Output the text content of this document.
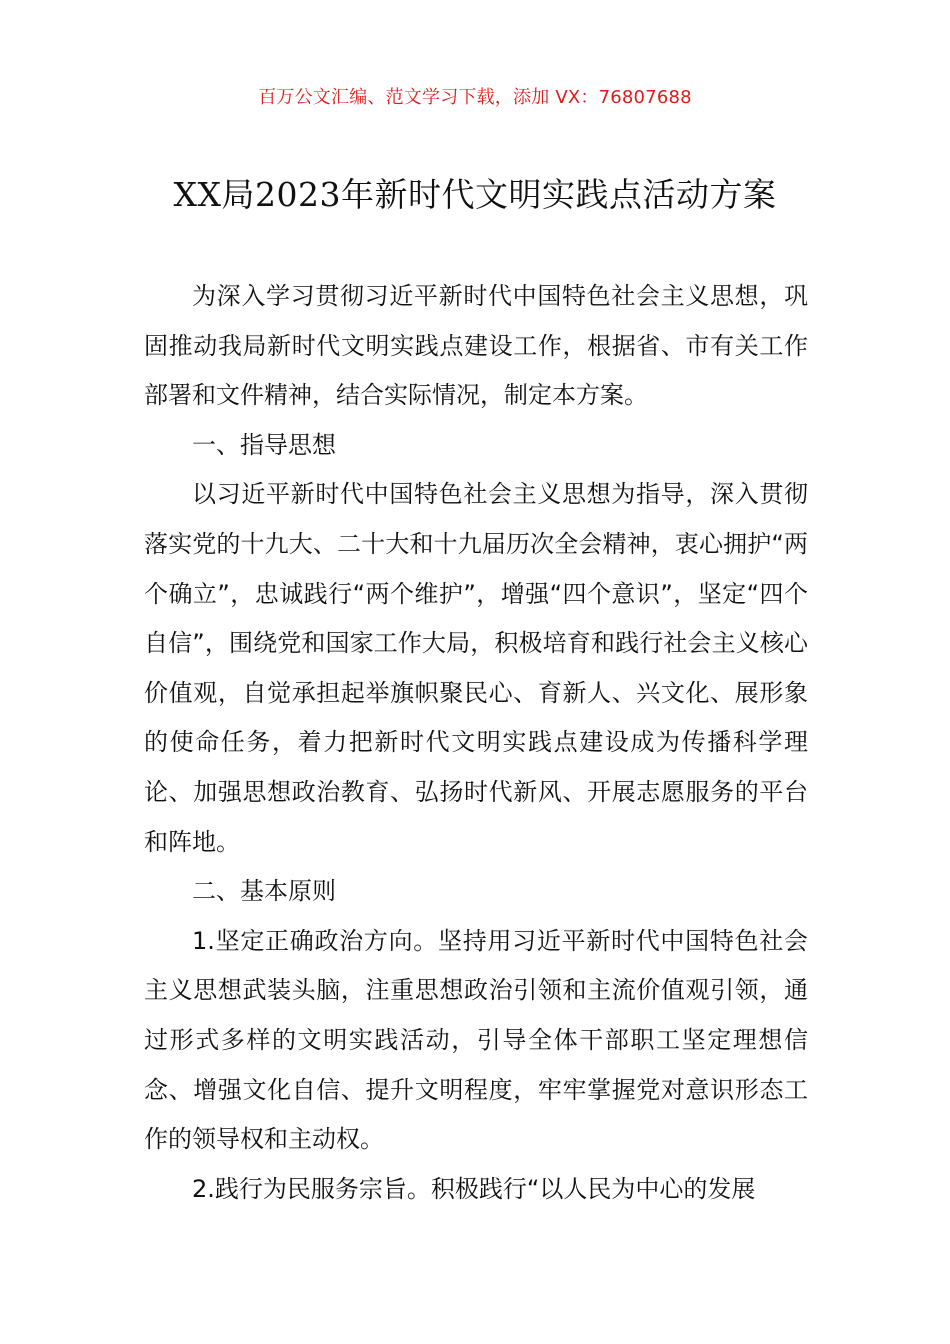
百万公文汇编、范文学习下载，添加 VX：76807688
XX局2023年新时代文明实践点活动方案

为深入学习贯彻习近平新时代中国特色社会主义思想，巩固推动我局新时代文明实践点建设工作，根据省、市有关工作部署和文件精神，结合实际情况，制定本方案。

一、指导思想

以习近平新时代中国特色社会主义思想为指导，深入贯彻落实党的十九大、二十大和十九届历次全会精神，衷心拥护“两个确立”，忠诚践行“两个维护”，增强“四个意识”，坚定“四个自信”，围绕党和国家工作大局，积极培育和践行社会主义核心价值观，自觉承担起举旗帜聚民心、育新人、兴文化、展形象的使命任务，着力把新时代文明实践点建设成为传播科学理论、加强思想政治教育、弘扬时代新风、开展志愿服务的平台和阵地。

二、基本原则

1.坚定正确政治方向。坚持用习近平新时代中国特色社会主义思想武装头脑，注重思想政治引领和主流价值观引领，通过形式多样的文明实践活动，引导全体干部职工坚定理想信念、增强文化自信、提升文明程度，牢牢掌握党对意识形态工作的领导权和主动权。

2.践行为民服务宗旨。积极践行“以人民为中心的发展
